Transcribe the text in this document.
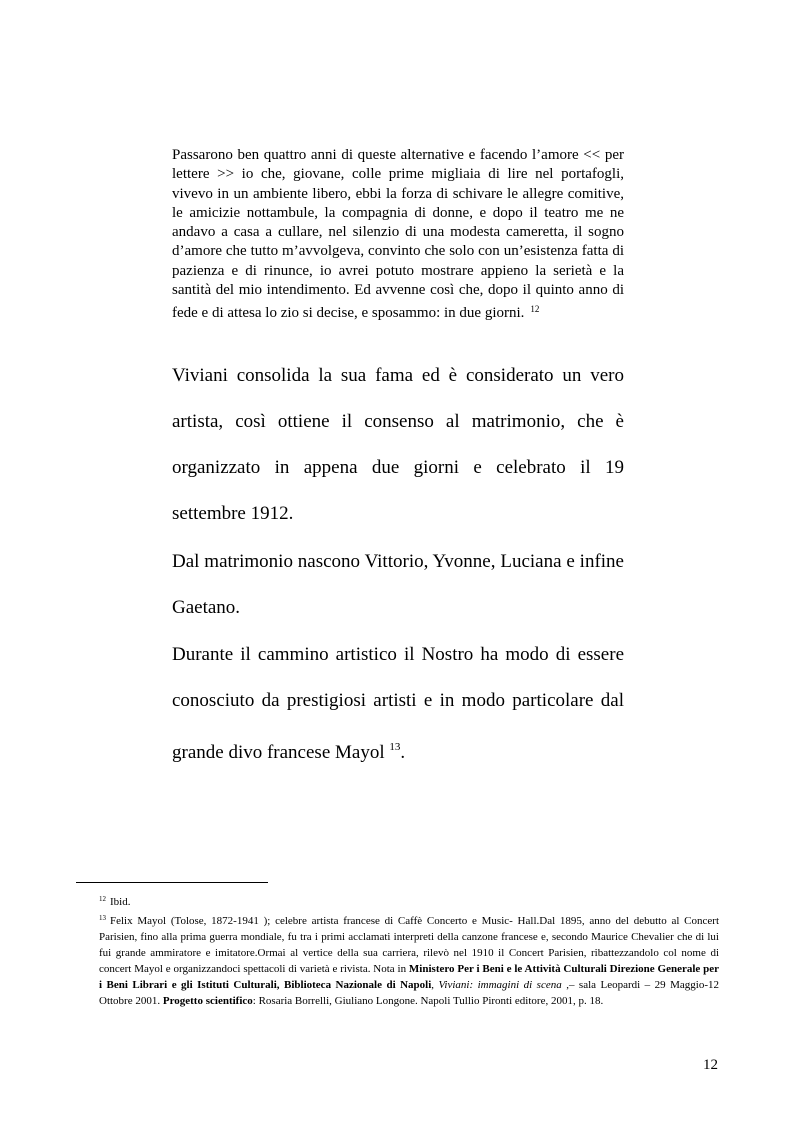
Passarono ben quattro anni di queste alternative e facendo l’amore << per lettere >> io che, giovane, colle prime migliaia di lire nel portafogli, vivevo in un ambiente libero, ebbi la forza di schivare le allegre comitive, le amicizie nottambule, la compagnia di donne, e dopo il teatro me ne andavo a casa a cullare, nel silenzio di una modesta cameretta, il sogno d’amore che tutto m’avvolgeva, convinto che solo con un’esistenza fatta di pazienza e di rinunce, io avrei potuto mostrare appieno la serietà e la santità del mio intendimento. Ed avvenne così che, dopo il quinto anno di fede e di attesa lo zio si decise, e sposammo: in due giorni. $^{12}$

Viviani consolida la sua fama ed è considerato un vero artista, così ottiene il consenso al matrimonio, che è organizzato in appena due giorni e celebrato il 19 settembre 1912.

Dal matrimonio nascono Vittorio, Yvonne, Luciana e infine Gaetano.

Durante il cammino artistico il Nostro ha modo di essere conosciuto da prestigiosi artisti e in modo particolare dal grande divo francese Mayol $^{13}$.

$^{12}$ Ibid.
$^{13}$ Felix Mayol (Tolose, 1872-1941 ); celebre artista francese di Caffè Concerto e Music- Hall.Dal 1895, anno del debutto al Concert Parisien, fino alla prima guerra mondiale, fu tra i primi acclamati interpreti della canzone francese e, secondo Maurice Chevalier che di lui fui grande ammiratore e imitatore.Ormai al vertice della sua carriera, rilevò nel 1910 il Concert Parisien, ribattezzandolo col nome di concert Mayol e organizzandoci spettacoli di varietà e rivista. Nota in Ministero Per i Beni e le Attività Culturali Direzione Generale per i Beni Librari e gli Istituti Culturali, Biblioteca Nazionale di Napoli, Viviani: immagini di scena ,– sala Leopardi – 29 Maggio-12 Ottobre 2001. Progetto scientifico: Rosaria Borrelli, Giuliano Longone. Napoli Tullio Pironti editore, 2001, p. 18.
12
